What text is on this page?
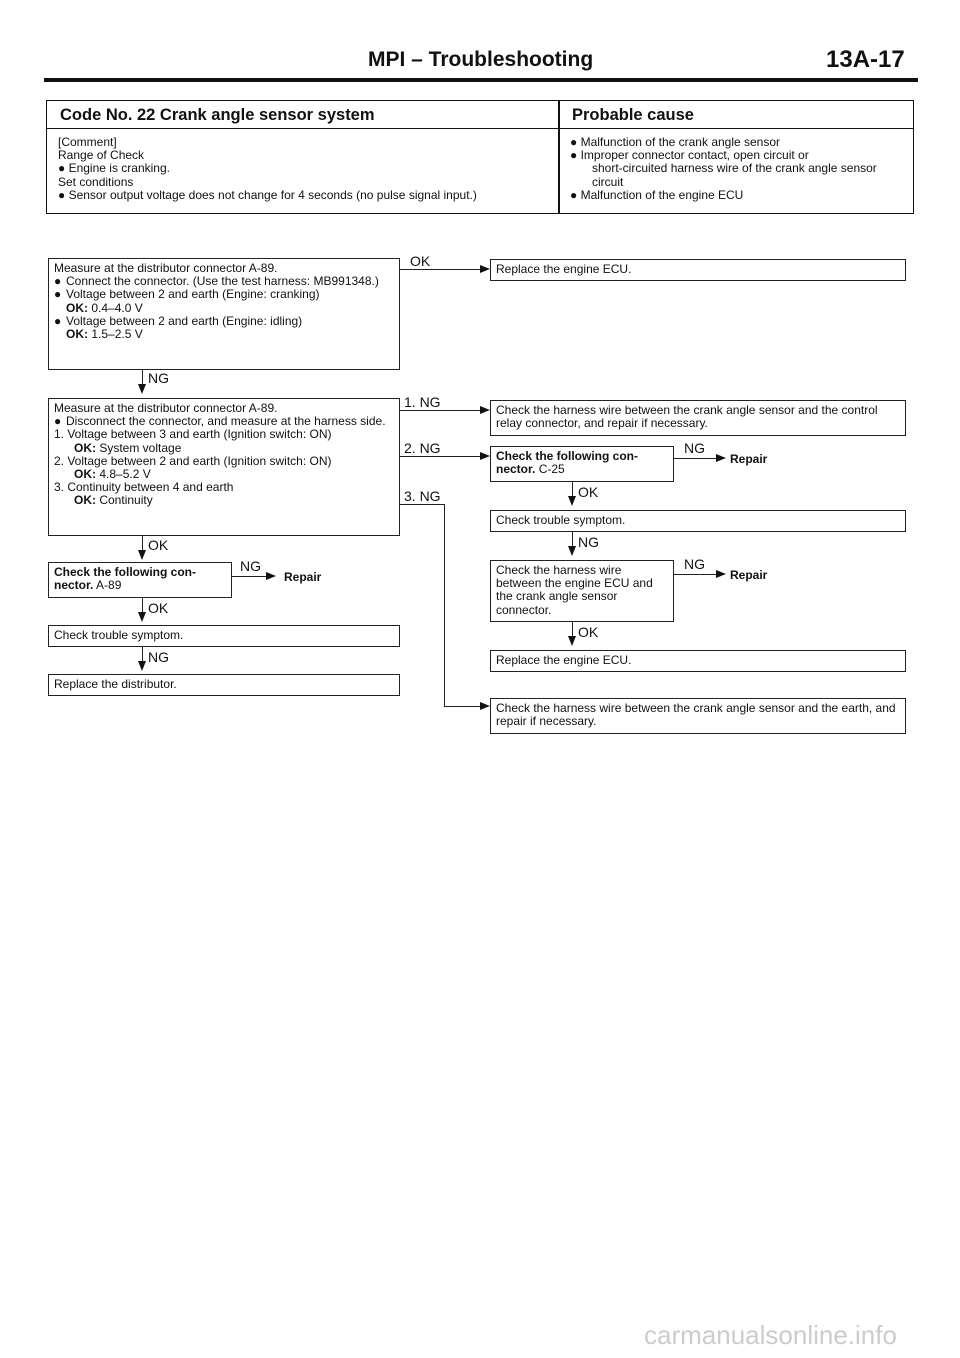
MPI – Troubleshooting	13A-17
Code No. 22 Crank angle sensor system	Probable cause
[Comment]
Range of Check
● Engine is cranking.
Set conditions
● Sensor output voltage does not change for 4 seconds (no pulse signal input.)
● Malfunction of the crank angle sensor
● Improper connector contact, open circuit or
short-circuited harness wire of the crank angle sensor
circuit
● Malfunction of the engine ECU
Measure at the distributor connector A-89.
● Connect the connector. (Use the test harness: MB991348.)
● Voltage between 2 and earth (Engine: cranking)
OK: 0.4–4.0 V
● Voltage between 2 and earth (Engine: idling)
OK: 1.5–2.5 V
OK	Replace the engine ECU.
NG
Measure at the distributor connector A-89.
● Disconnect the connector, and measure at the harness side.
1. Voltage between 3 and earth (Ignition switch: ON)
OK: System voltage
2. Voltage between 2 and earth (Ignition switch: ON)
OK: 4.8–5.2 V
3. Continuity between 4 and earth
OK: Continuity
1. NG	Check the harness wire between the crank angle sensor and the control relay connector, and repair if necessary.
2. NG	Check the following con-
nector. C-25
3. NG
NG
Repair
OK
Check trouble symptom.
NG
Check the harness wire between the engine ECU and the crank angle sensor connector.
NG
Repair
OK
Replace the engine ECU.
Check the harness wire between the crank angle sensor and the earth, and repair if necessary.
OK
Check the following con-
nector. A-89
NG
Repair
OK
Check trouble symptom.
NG
Replace the distributor.
carmanualsonline.info
